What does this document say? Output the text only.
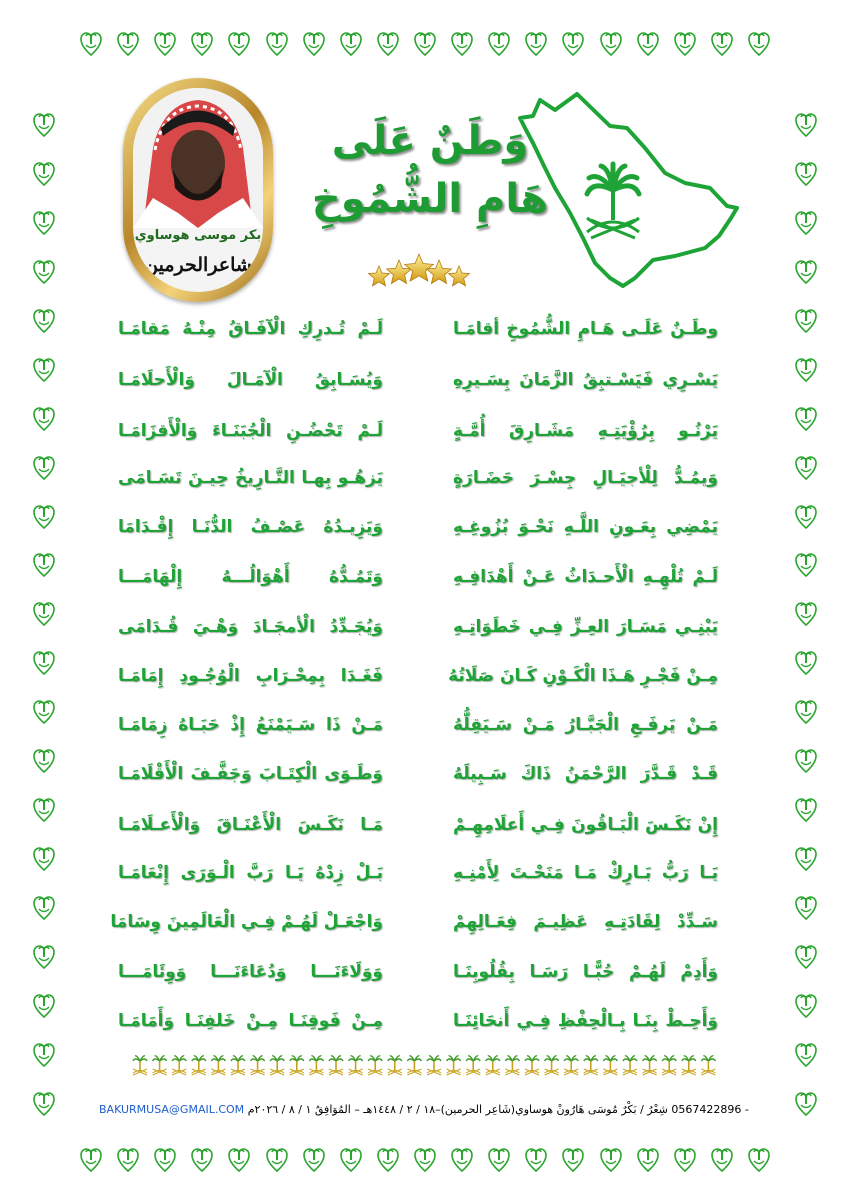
بكر موسى هوساوي
شاعرالحرمين
وَطَنٌ عَلَى
هَامِ الشُّمُوخِ
وطَـنٌ عَلَـى هَـامِ الشُّمُوخِ أقامَـا
لَـمْ تُـدرِكِ الْآفَـاقُ مِنْـهُ مَقامَـا
يَسْـرِي فَيَسْـتبِقُ الزَّمَانَ بِسَـيرِهِ
وَيُسَـابِقُ الْآمَـالَ وَالْأَحلَامَـا
يَرْنُـو بِرُؤْيَتِـهِ مَشَـارِقَ أُمَّـةٍ
لَـمْ تَحْضُـنِ الْجُبَنَـاءَ وَالْأَقزَامَـا
وَيمُـدُّ لِلْأجيَـالِ جِسْـرَ حَضَـارَةٍ
يَزهُـو بِهـا التَّـارِيخُ حِيـنَ تَسَـامَى
يَمْضِي بِعَـونِ اللَّـهِ نَحْـوَ بُزُوغِـهِ
وَيَزِيـدُهُ عَصْـفُ الدُّنَـا إِقْـدَامَا
لَـمْ تُلْهِـهِ الْأَحـدَاثُ عَـنْ أَهْدَافِـهِ
وَتَمُـدُّهُ أَهْوَالُـــهُ إِلْهَامَـــا
يَبْنِـي مَسَـارَ العِـزِّ فِـي خَطَوَاتِـهِ
وَيُجَـدِّدُ الْأمجَـادَ وَهْـيَ قُـدَامَى
مِـنْ فَجْـرِ هَـذَا الْكَـوْنِ كَـانَ صَلَاتُهُ
فَغَـدَا بِمِحْـرَابِ الْوُجُـودِ إِمَامَـا
مَـنْ يَرفَـعِ الْجَبَّـارُ مَـنْ سَـيَقِلُّهُ
مَـنْ ذَا سَـيَمْنَعُ إِذْ حَبَـاهُ زِمَامَـا
قَـدْ قَـدَّرَ الرَّحْمَنُ ذَاكَ سَـبِيلَهُ
وَطَـوَى الْكِتَـابَ وَجَفَّـفَ الْأَقْلَامَـا
إِنْ نَكَـسَ الْبَـاقُونَ فِـي أَعلَامِهِـمْ
مَـا نَكَـسَ الْأَعْنَـاقَ وَالْأَعـلَامَـا
يَـا رَبُّ بَـارِكْ مَـا مَنَحْـتَ لِأَمْنِـهِ
بَـلْ زِدْهُ يَـا رَبَّ الْـوَرَى إِنْعَامَـا
سَـدِّدْ لِقَادَتِـهِ عَظِيـمَ فِعَـالِهِمْ
وَاجْعَـلْ لَهُـمْ فِـي الْعَالَمِينَ وِسَامَا
وَأَدِمْ لَهُـمْ حُبًّـا رَسَـا بِقُلُوبِنَـا
وَوَلَاءَنَـــا وَدُعَاءَنَـــا وَوِئَامَـــا
وَأَحِـطْ بِنَـا بِـالْحِفْظِ فِـي أَنحَائِنَـا
مِـنْ فَوقِنَـا مِـنْ خَلفِنَـا وَأَمَامَـا
BAKURMUSA@GMAIL.COM - 0567422896 شِعْرُ / بَكْرٌ مُوسَى هَارُونْ هوساوي(شَاعِر الحرمين)–١٨ / ٢ / ١٤٤٨هـ – المُوَافِقُ ١ / ٨ / ٢٠٢٦م
